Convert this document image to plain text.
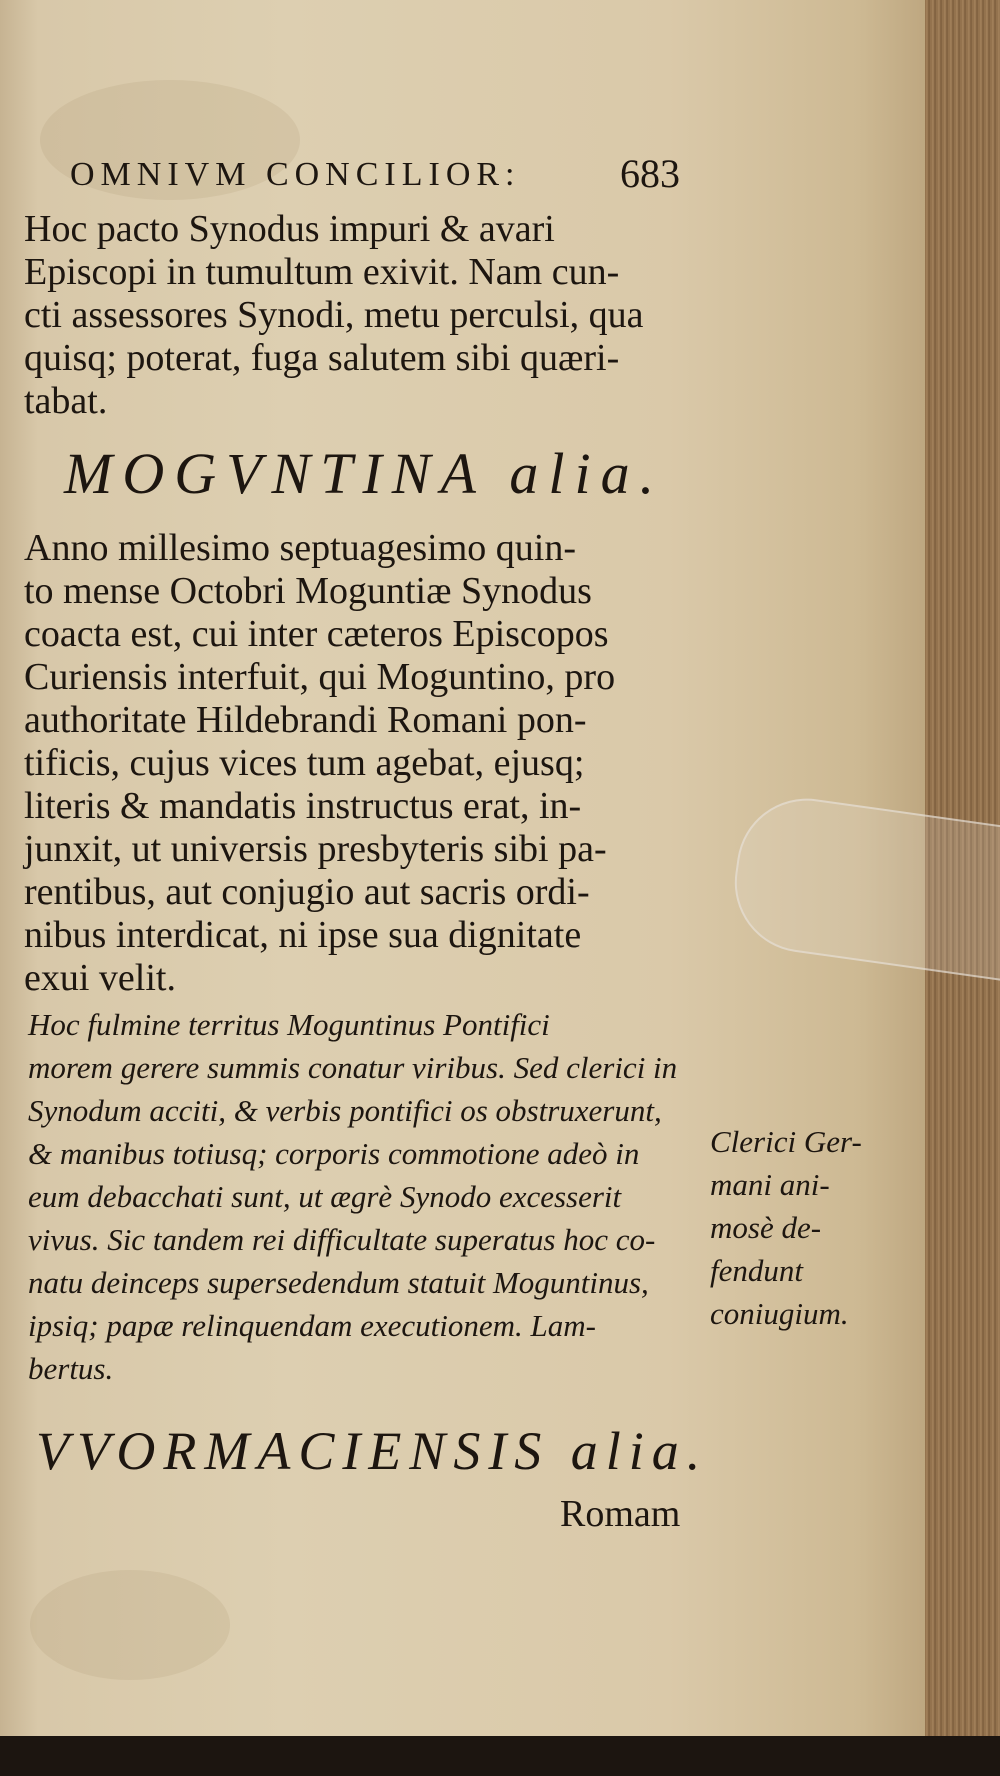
OMNIVM CONCILIOR:	683
Hoc pacto Synodus impuri & avari
Episcopi in tumultum exivit. Nam cun-
cti assessores Synodi, metu perculsi, qua
quisq; poterat, fuga salutem sibi quæri-
tabat.
MOGVNTINA alia.
Anno millesimo septuagesimo quin-
to mense Octobri Moguntiæ Synodus
coacta est, cui inter cæteros Episcopos
Curiensis interfuit, qui Moguntino, pro
authoritate Hildebrandi Romani pon-
tificis, cujus vices tum agebat, ejusq;
literis & mandatis instructus erat, in-
junxit, ut universis presbyteris sibi pa-
rentibus, aut conjugio aut sacris ordi-
nibus interdicat, ni ipse sua dignitate
exui velit.
Hoc fulmine territus Moguntinus Pontifici
morem gerere summis conatur viribus. Sed clerici in
Synodum acciti, & verbis pontifici os obstruxerunt,
& manibus totiusq; corporis commotione adeò in
eum debacchati sunt, ut ægrè Synodo excesserit
vivus. Sic tandem rei difficultate superatus hoc co-
natu deinceps supersedendum statuit Moguntinus,
ipsiq; papæ relinquendam executionem. Lam-
bertus.
Clerici Ger-
mani ani-
mosè de-
fendunt
coniugium.
VVORMACIENSIS alia.
Romam
